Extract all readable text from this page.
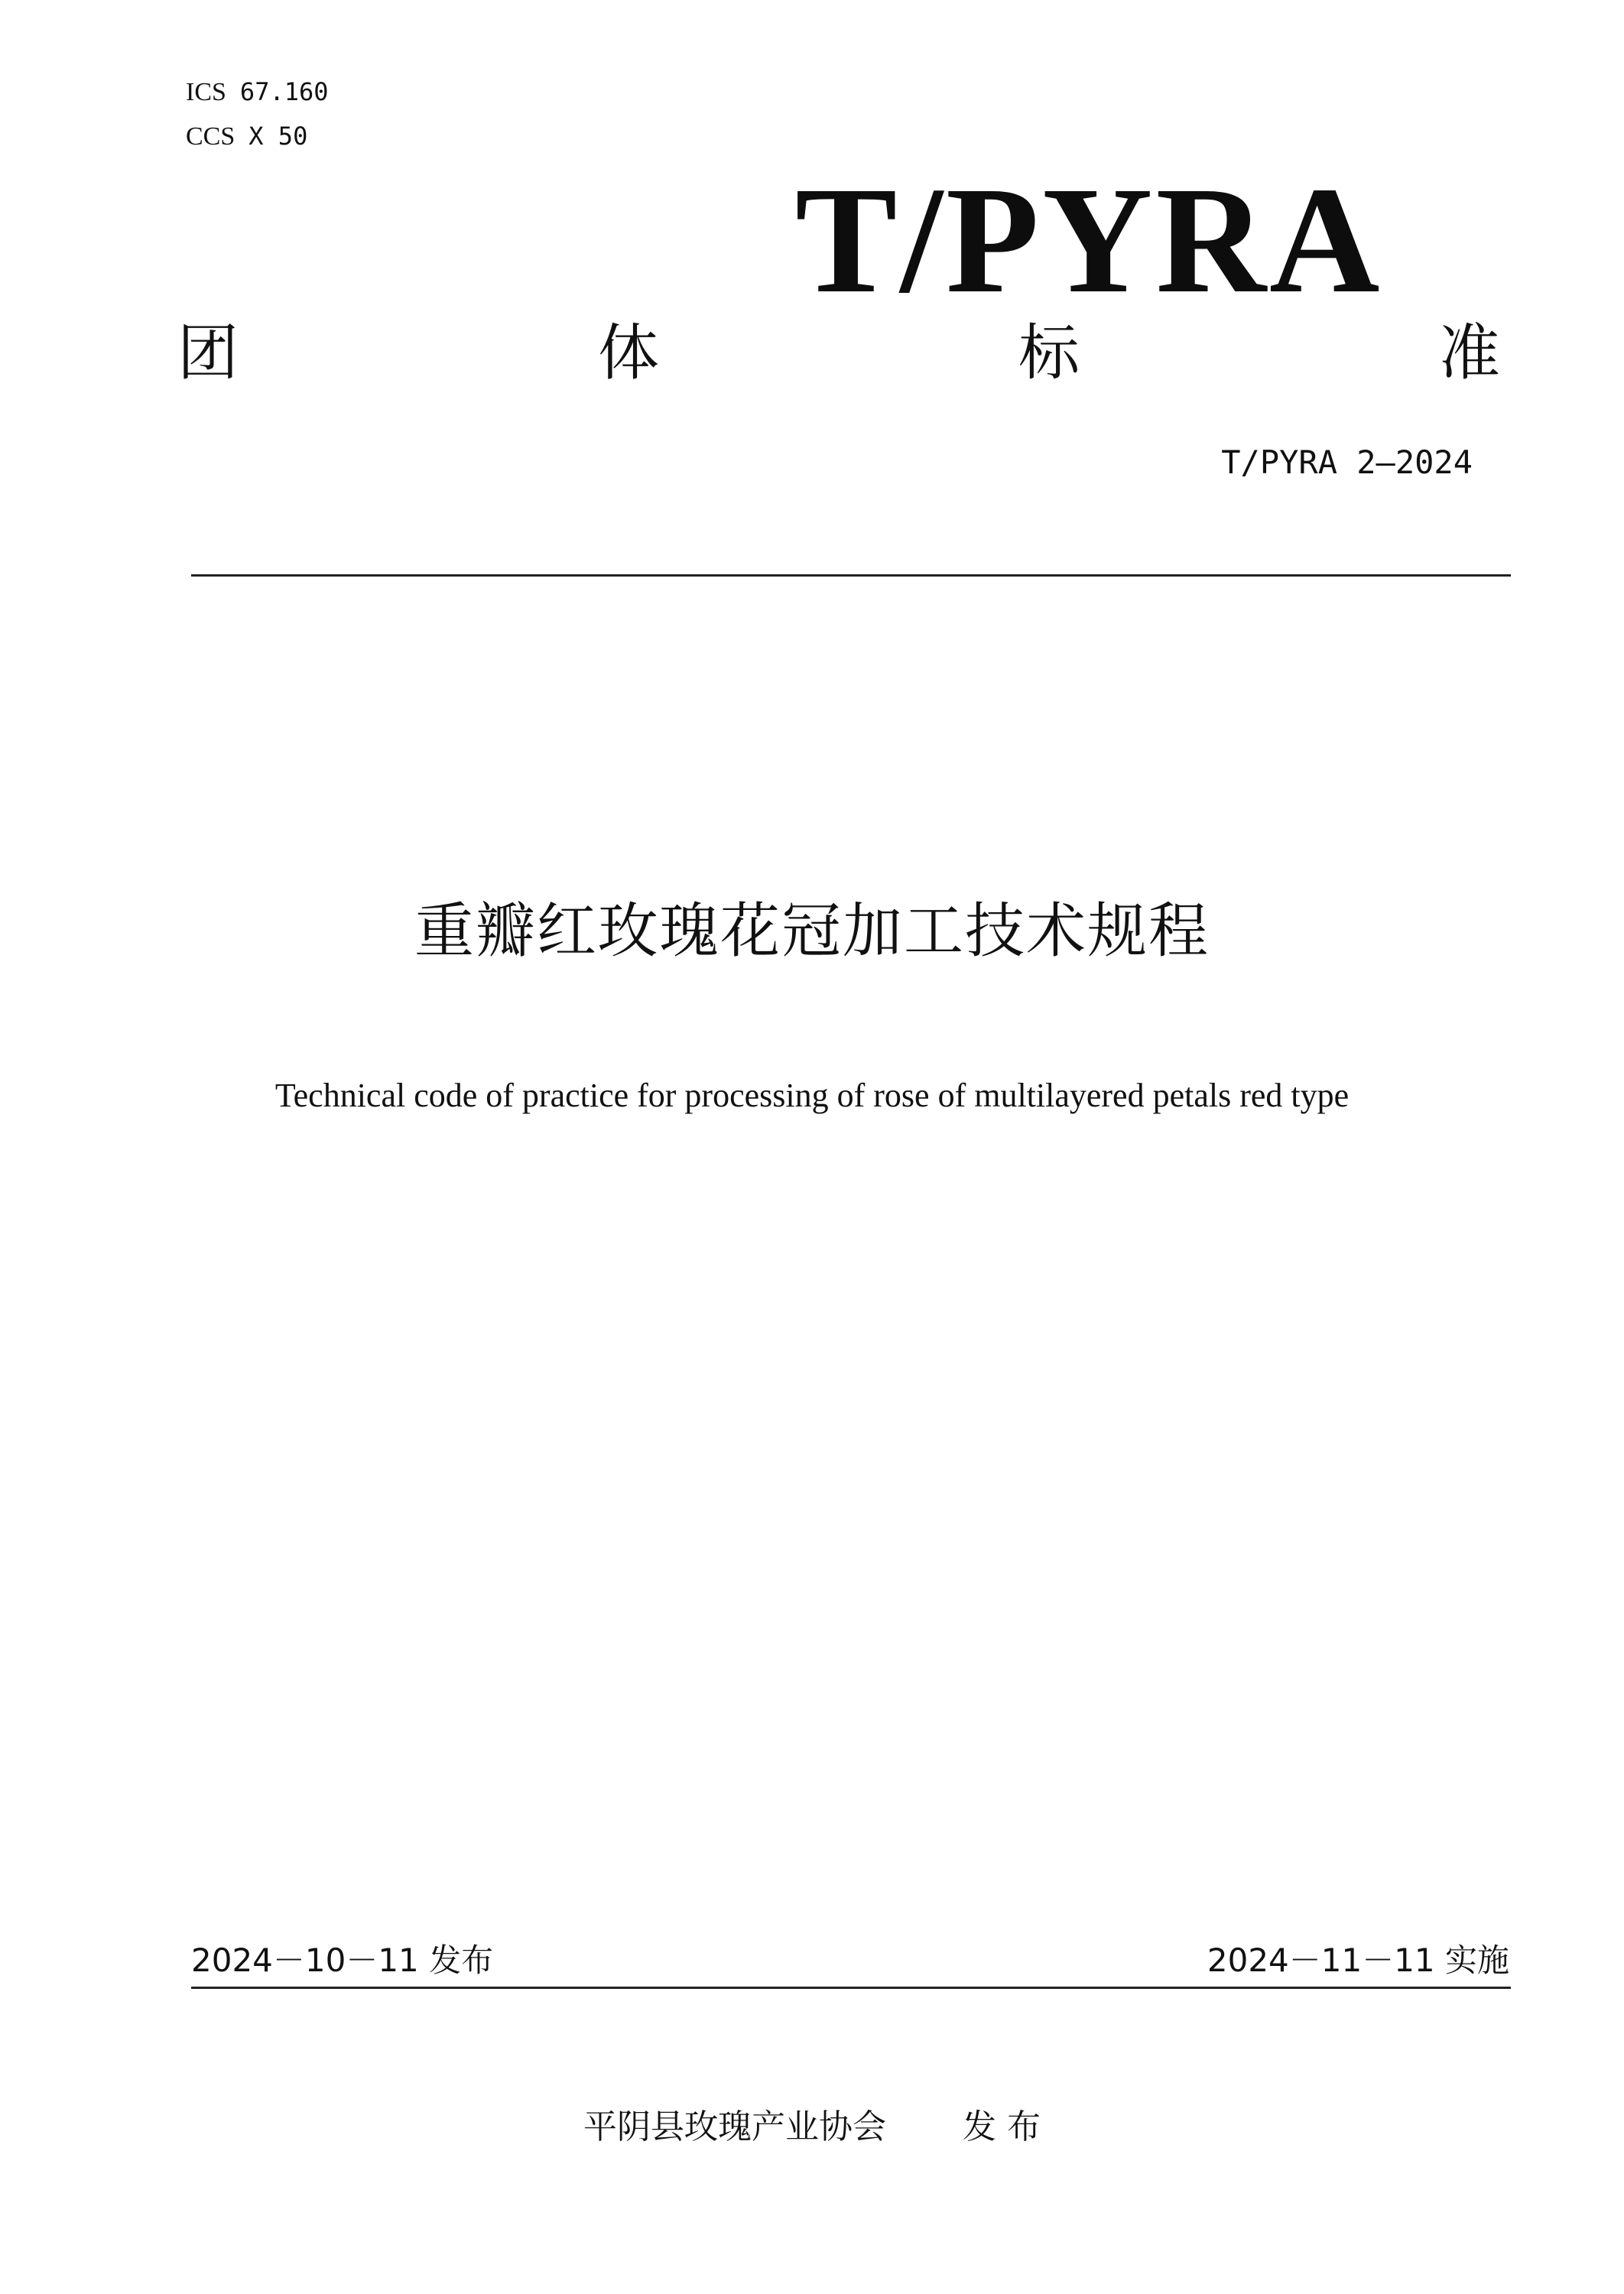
ICS 67.160
CCS X 50
T/PYRA
团	体	标	准
T/PYRA 2—2024
重瓣红玫瑰花冠加工技术规程
Technical code of practice for processing of rose of multilayered petals red type
2024－10－11 发布	2024－11－11 实施
平阴县玫瑰产业协会 发 布
